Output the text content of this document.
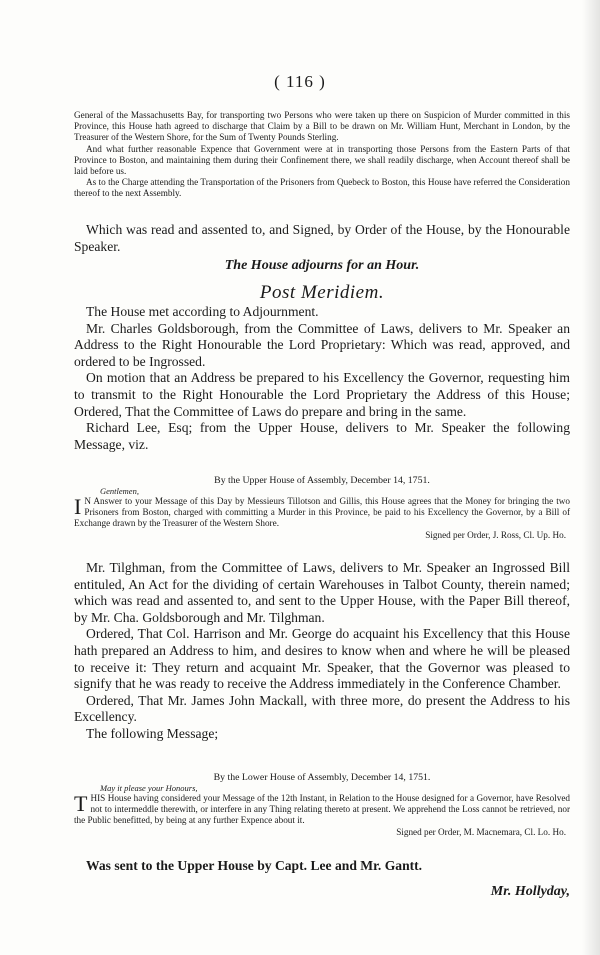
( 116 )

General of the Massachusetts Bay, for transporting two Persons who were taken up there on Suspicion of Murder committed in this Province, this House hath agreed to discharge that Claim by a Bill to be drawn on Mr. William Hunt, Merchant in London, by the Treasurer of the Western Shore, for the Sum of Twenty Pounds Sterling.

And what further reasonable Expence that Government were at in transporting those Persons from the Eastern Parts of that Province to Boston, and maintaining them during their Confinement there, we shall readily discharge, when Account thereof shall be laid before us.

As to the Charge attending the Transportation of the Prisoners from Quebeck to Boston, this House have referred the Consideration thereof to the next Assembly.

Which was read and assented to, and Signed, by Order of the House, by the Honourable Speaker.

The House adjourns for an Hour.
Post Meridiem.

The House met according to Adjournment.

Mr. Charles Goldsborough, from the Committee of Laws, delivers to Mr. Speaker an Address to the Right Honourable the Lord Proprietary: Which was read, approved, and ordered to be Ingrossed.

On motion that an Address be prepared to his Excellency the Governor, requesting him to transmit to the Right Honourable the Lord Proprietary the Address of this House; Ordered, That the Committee of Laws do prepare and bring in the same.

Richard Lee, Esq; from the Upper House, delivers to Mr. Speaker the following Message, viz.

By the Upper House of Assembly, December 14, 1751.
Gentlemen,
I N Answer to your Message of this Day by Messieurs Tillotson and Gillis, this House agrees that the Money for bringing the two Prisoners from Boston, charged with committing a Murder in this Province, be paid to his Excellency the Governor, by a Bill of Exchange drawn by the Treasurer of the Western Shore.
Signed per Order, J. Ross, Cl. Up. Ho.

Mr. Tilghman, from the Committee of Laws, delivers to Mr. Speaker an Ingrossed Bill entituled, An Act for the dividing of certain Warehouses in Talbot County, therein named; which was read and assented to, and sent to the Upper House, with the Paper Bill thereof, by Mr. Cha. Goldsborough and Mr. Tilghman.

Ordered, That Col. Harrison and Mr. George do acquaint his Excellency that this House hath prepared an Address to him, and desires to know when and where he will be pleased to receive it: They return and acquaint Mr. Speaker, that the Governor was pleased to signify that he was ready to receive the Address immediately in the Conference Chamber.

Ordered, That Mr. James John Mackall, with three more, do present the Address to his Excellency.

The following Message;

By the Lower House of Assembly, December 14, 1751.
May it please your Honours,
THIS House having considered your Message of the 12th Instant, in Relation to the House designed for a Governor, have Resolved not to intermeddle therewith, or interfere in any Thing relating thereto at present. We apprehend the Loss cannot be retrieved, nor the Public benefitted, by being at any further Expence about it.
Signed per Order, M. Macnemara, Cl. Lo. Ho.

Was sent to the Upper House by Capt. Lee and Mr. Gantt.

Mr. Hollyday,
